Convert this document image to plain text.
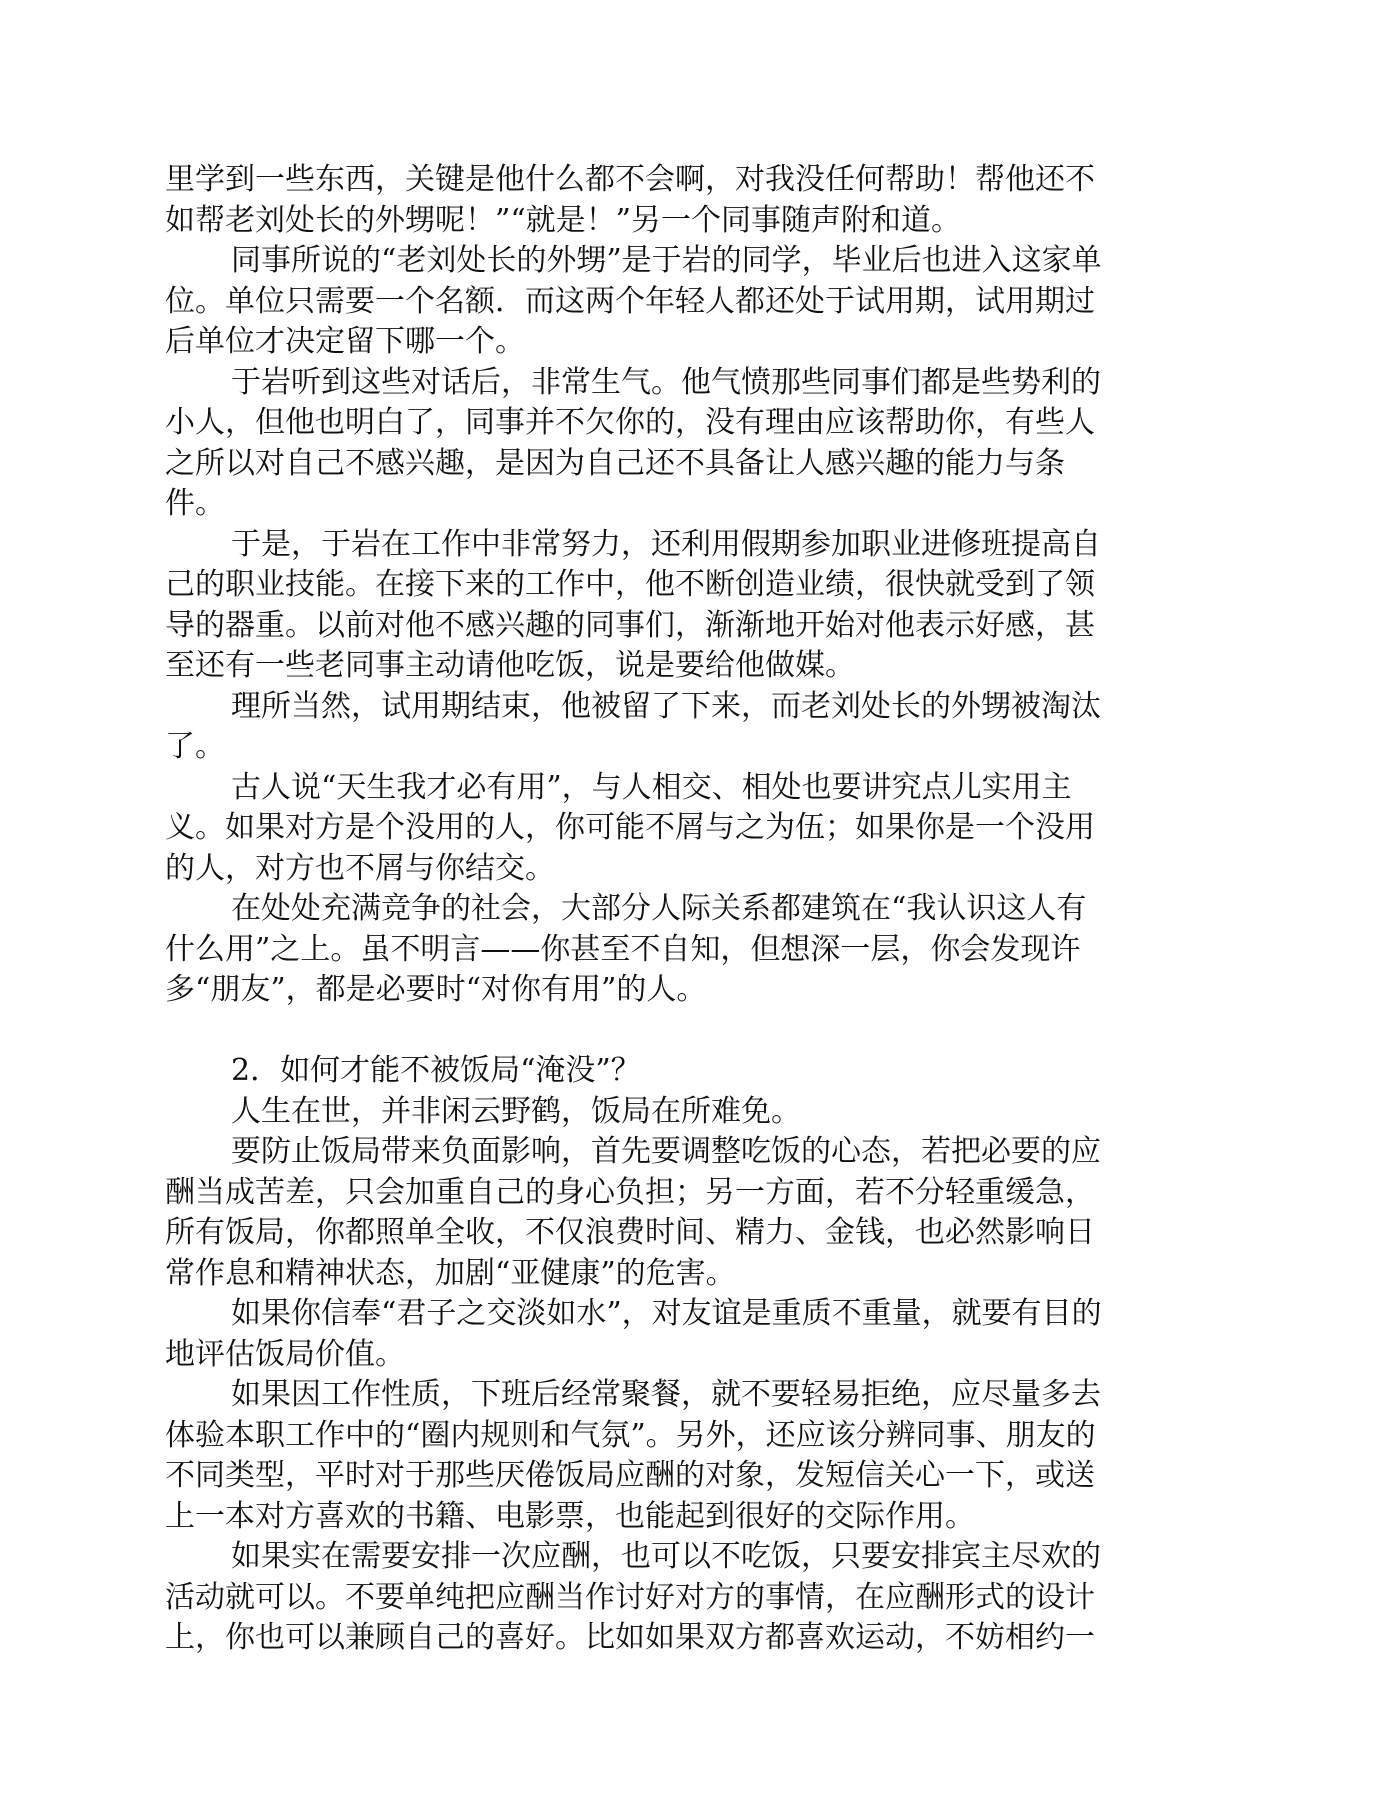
里学到一些东西，关键是他什么都不会啊，对我没任何帮助！帮他还不
如帮老刘处长的外甥呢！”“就是！”另一个同事随声附和道。
同事所说的“老刘处长的外甥”是于岩的同学，毕业后也进入这家单
位。单位只需要一个名额．而这两个年轻人都还处于试用期，试用期过
后单位才决定留下哪一个。
于岩听到这些对话后，非常生气。他气愤那些同事们都是些势利的
小人，但他也明白了，同事并不欠你的，没有理由应该帮助你，有些人
之所以对自己不感兴趣，是因为自己还不具备让人感兴趣的能力与条
件。
于是，于岩在工作中非常努力，还利用假期参加职业进修班提高自
己的职业技能。在接下来的工作中，他不断创造业绩，很快就受到了领
导的器重。以前对他不感兴趣的同事们，渐渐地开始对他表示好感，甚
至还有一些老同事主动请他吃饭，说是要给他做媒。
理所当然，试用期结束，他被留了下来，而老刘处长的外甥被淘汰
了。
古人说“天生我才必有用”，与人相交、相处也要讲究点儿实用主
义。如果对方是个没用的人，你可能不屑与之为伍；如果你是一个没用
的人，对方也不屑与你结交。
在处处充满竞争的社会，大部分人际关系都建筑在“我认识这人有
什么用”之上。虽不明言——你甚至不自知，但想深一层，你会发现许
多“朋友”，都是必要时“对你有用”的人。
2．如何才能不被饭局“淹没”？
人生在世，并非闲云野鹤，饭局在所难免。
要防止饭局带来负面影响，首先要调整吃饭的心态，若把必要的应
酬当成苦差，只会加重自己的身心负担；另一方面，若不分轻重缓急，
所有饭局，你都照单全收，不仅浪费时间、精力、金钱，也必然影响日
常作息和精神状态，加剧“亚健康”的危害。
如果你信奉“君子之交淡如水”，对友谊是重质不重量，就要有目的
地评估饭局价值。
如果因工作性质，下班后经常聚餐，就不要轻易拒绝，应尽量多去
体验本职工作中的“圈内规则和气氛”。另外，还应该分辨同事、朋友的
不同类型，平时对于那些厌倦饭局应酬的对象，发短信关心一下，或送
上一本对方喜欢的书籍、电影票，也能起到很好的交际作用。
如果实在需要安排一次应酬，也可以不吃饭，只要安排宾主尽欢的
活动就可以。不要单纯把应酬当作讨好对方的事情，在应酬形式的设计
上，你也可以兼顾自己的喜好。比如如果双方都喜欢运动，不妨相约一
